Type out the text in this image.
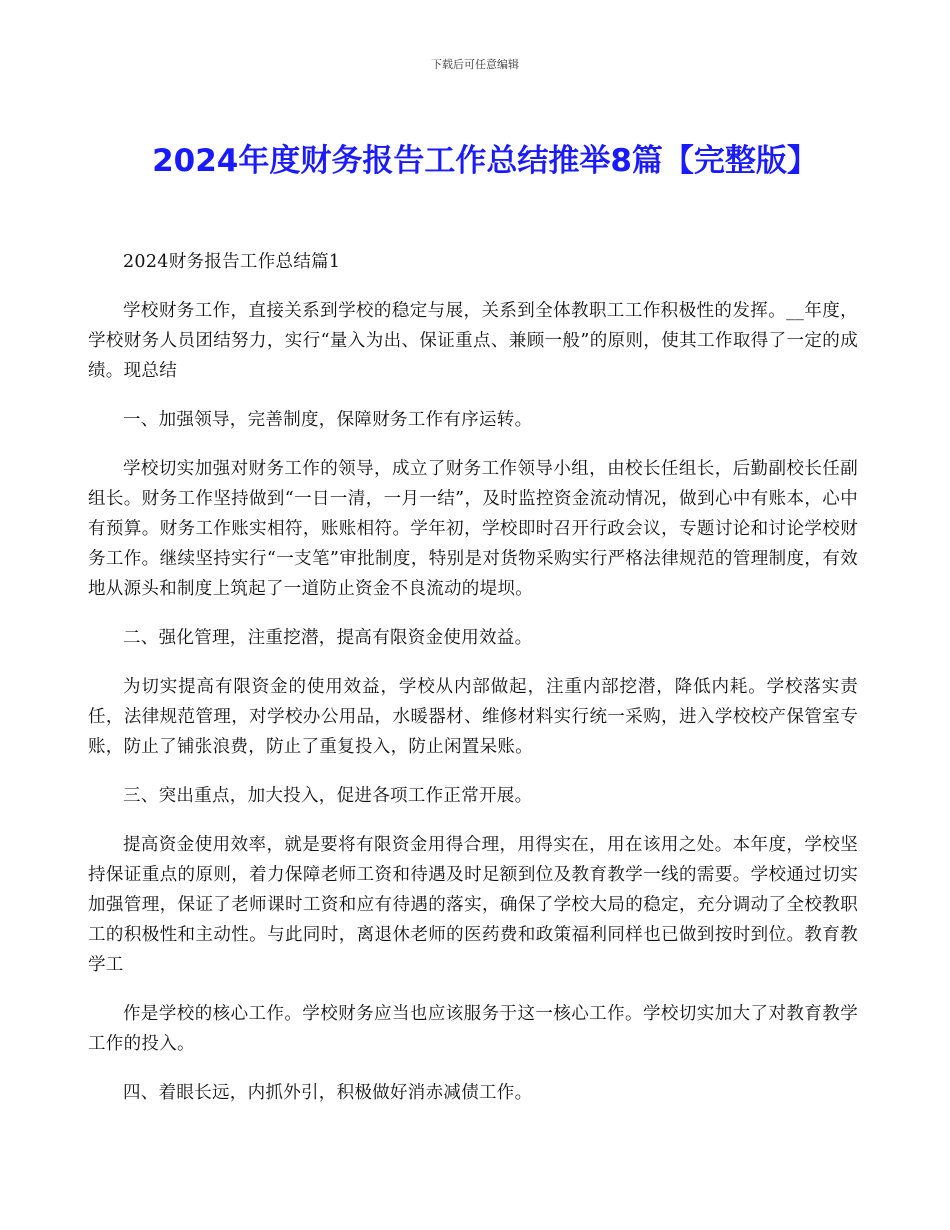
下载后可任意编辑
2024年度财务报告工作总结推举8篇【完整版】

2024财务报告工作总结篇1

学校财务工作，直接关系到学校的稳定与展，关系到全体教职工工作积极性的发挥。__年度，学校财务人员团结努力，实行“量入为出、保证重点、兼顾一般”的原则，使其工作取得了一定的成绩。现总结

一、加强领导，完善制度，保障财务工作有序运转。

学校切实加强对财务工作的领导，成立了财务工作领导小组，由校长任组长，后勤副校长任副组长。财务工作坚持做到“一日一清，一月一结”，及时监控资金流动情况，做到心中有账本，心中有预算。财务工作账实相符，账账相符。学年初，学校即时召开行政会议，专题讨论和讨论学校财务工作。继续坚持实行“一支笔”审批制度，特别是对货物采购实行严格法律规范的管理制度，有效地从源头和制度上筑起了一道防止资金不良流动的堤坝。

二、强化管理，注重挖潜，提高有限资金使用效益。

为切实提高有限资金的使用效益，学校从内部做起，注重内部挖潜，降低内耗。学校落实责任，法律规范管理，对学校办公用品，水暖器材、维修材料实行统一采购，进入学校校产保管室专账，防止了铺张浪费，防止了重复投入，防止闲置呆账。

三、突出重点，加大投入，促进各项工作正常开展。

提高资金使用效率，就是要将有限资金用得合理，用得实在，用在该用之处。本年度，学校坚持保证重点的原则，着力保障老师工资和待遇及时足额到位及教育教学一线的需要。学校通过切实加强管理，保证了老师课时工资和应有待遇的落实，确保了学校大局的稳定，充分调动了全校教职工的积极性和主动性。与此同时，离退休老师的医药费和政策福利同样也已做到按时到位。教育教学工

作是学校的核心工作。学校财务应当也应该服务于这一核心工作。学校切实加大了对教育教学工作的投入。

四、着眼长远，内抓外引，积极做好消赤减债工作。
